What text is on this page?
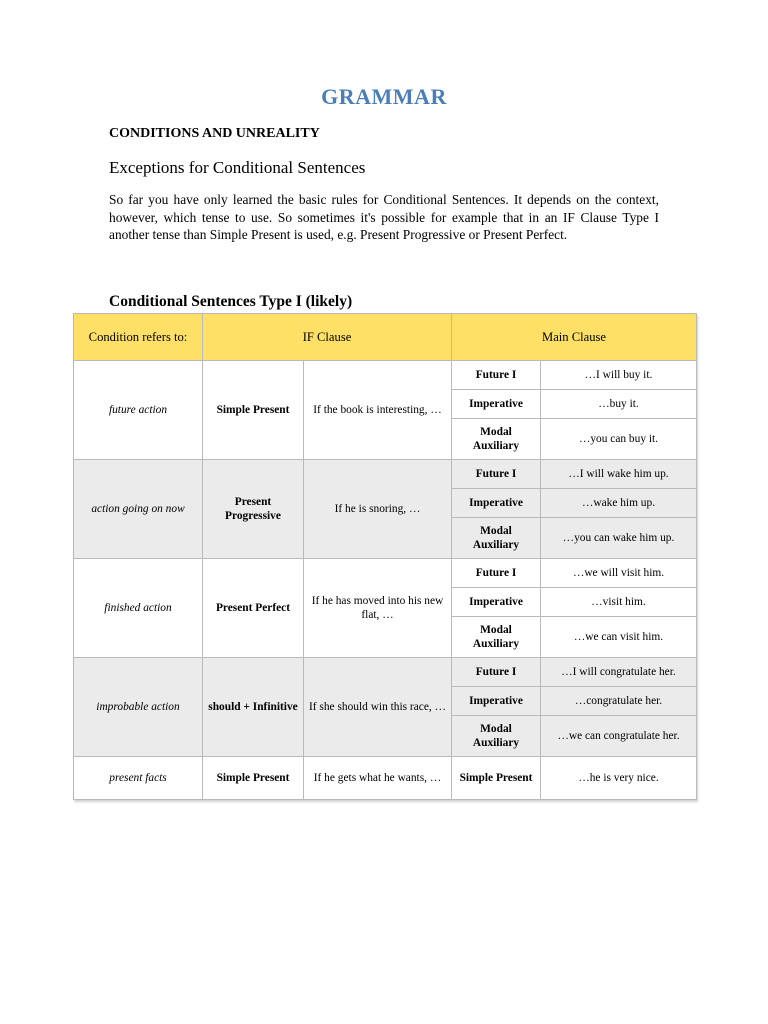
GRAMMAR
CONDITIONS AND UNREALITY
Exceptions for Conditional Sentences
So far you have only learned the basic rules for Conditional Sentences. It depends on the context, however, which tense to use. So sometimes it's possible for example that in an IF Clause Type I another tense than Simple Present is used, e.g. Present Progressive or Present Perfect.
Conditional Sentences Type I (likely)
Condition refers to:	IF Clause		Main Clause	
future action	Simple Present	If the book is interesting, …	Future I	…I will buy it.
			Imperative	…buy it.
			Modal Auxiliary	…you can buy it.
action going on now	Present Progressive	If he is snoring, …	Future I	…I will wake him up.
			Imperative	…wake him up.
			Modal Auxiliary	…you can wake him up.
finished action	Present Perfect	If he has moved into his new flat, …	Future I	…we will visit him.
			Imperative	…visit him.
			Modal Auxiliary	…we can visit him.
improbable action	should + Infinitive	If she should win this race, …	Future I	…I will congratulate her.
			Imperative	…congratulate her.
			Modal Auxiliary	…we can congratulate her.
present facts	Simple Present	If he gets what he wants, …	Simple Present	…he is very nice.
